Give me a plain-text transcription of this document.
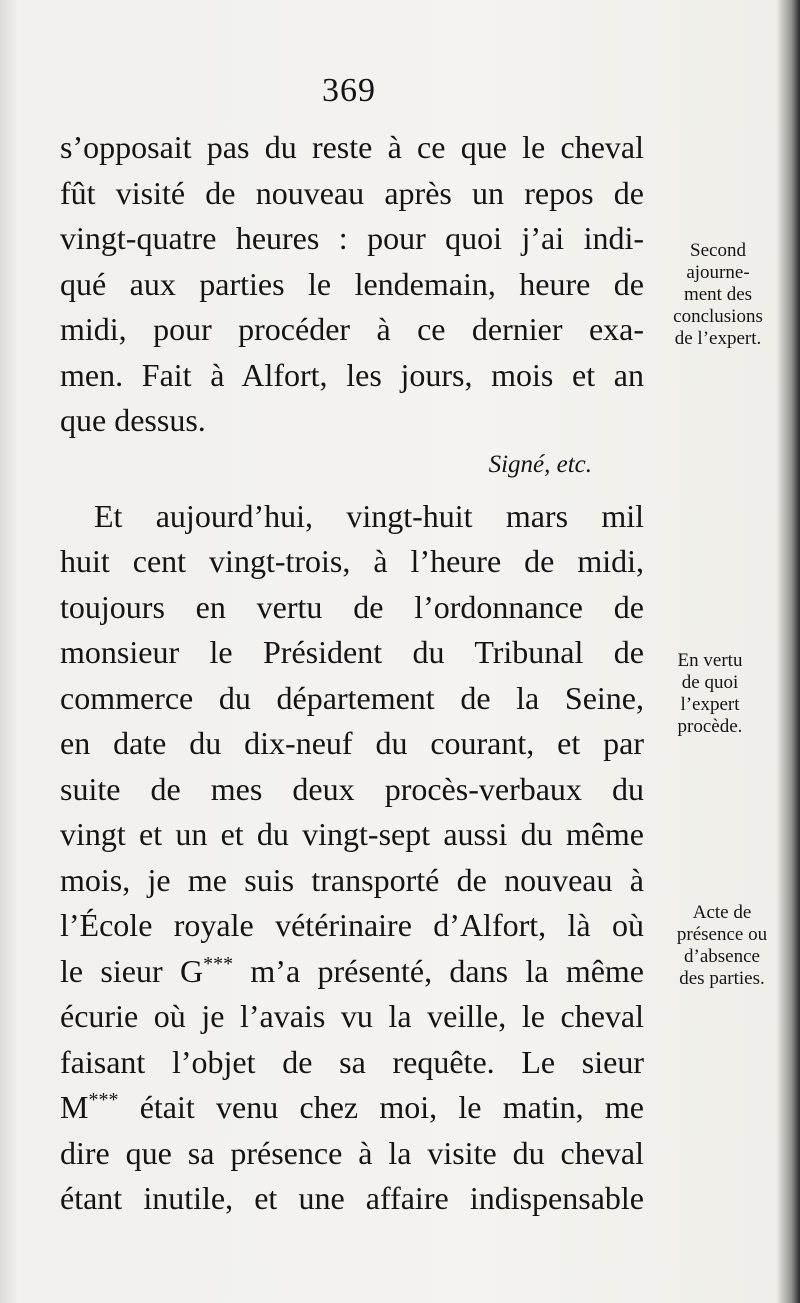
369
s’opposait pas du reste à ce que le cheval
fût visité de nouveau après un repos de
vingt-quatre heures : pour quoi j’ai indi-
qué aux parties le lendemain, heure de
midi, pour procéder à ce dernier exa-
men. Fait à Alfort, les jours, mois et an
que dessus.
Signé, etc.
Et aujourd’hui, vingt-huit mars mil
huit cent vingt-trois, à l’heure de midi,
toujours en vertu de l’ordonnance de
monsieur le Président du Tribunal de
commerce du département de la Seine,
en date du dix-neuf du courant, et par
suite de mes deux procès-verbaux du
vingt et un et du vingt-sept aussi du même
mois, je me suis transporté de nouveau à
l’École royale vétérinaire d’Alfort, là où
le sieur G*** m’a présenté, dans la même
écurie où je l’avais vu la veille, le cheval
faisant l’objet de sa requête. Le sieur
M*** était venu chez moi, le matin, me
dire que sa présence à la visite du cheval
étant inutile, et une affaire indispensable
Second
ajourne-
ment des
conclusions
de l’expert.
En vertu
de quoi
l’expert
procède.
Acte de
présence ou
d’absence
des parties.
